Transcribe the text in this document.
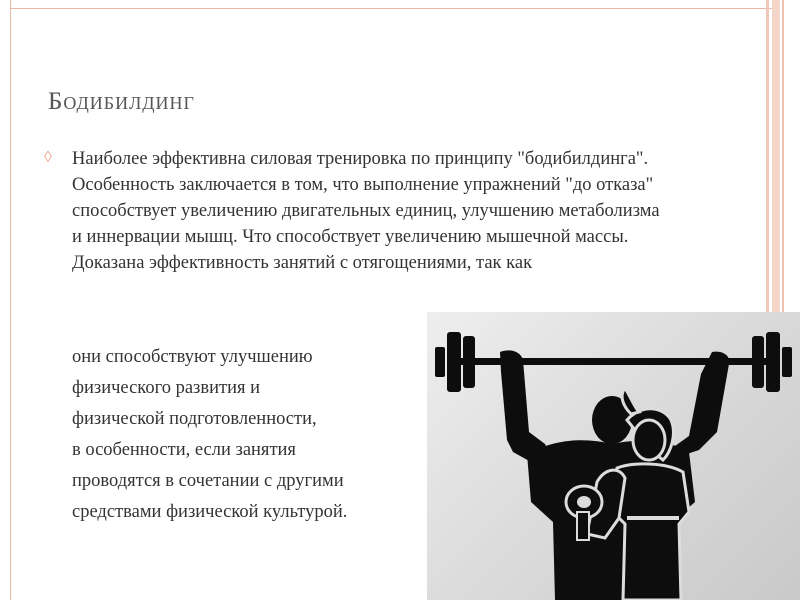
Бодибилдинг
◊ Наиболее эффективна силовая тренировка по принципу "бодибилдинга". Особенность заключается в том, что выполнение упражнений "до отказа" способствует увеличению двигательных единиц, улучшению метаболизма и иннервации мышц. Что способствует увеличению мышечной массы. Доказана эффективность занятий с отягощениями, так как

они способствуют улучшению
физического развития и
физической подготовленности,
в особенности, если занятия
проводятся в сочетании с другими
средствами физической культурой.
